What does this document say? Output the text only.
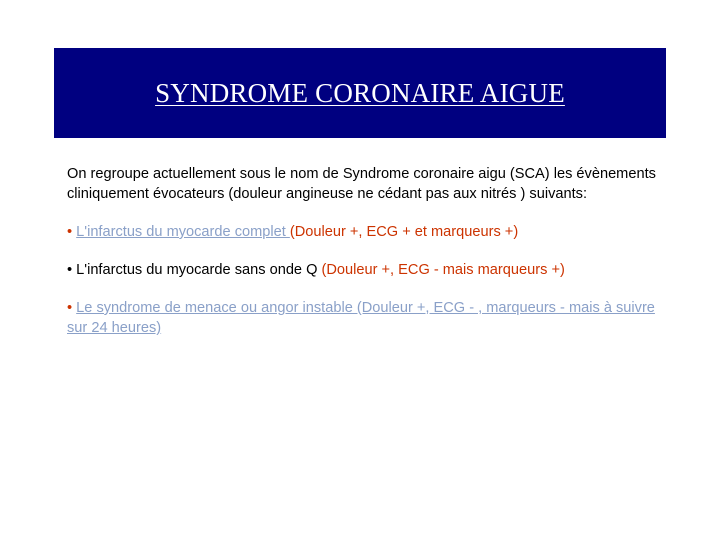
SYNDROME CORONAIRE AIGUE

On regroupe actuellement sous le nom de Syndrome coronaire aigu (SCA) les évènements cliniquement évocateurs (douleur angineuse ne cédant pas aux nitrés ) suivants:

• L'infarctus du myocarde complet (Douleur +, ECG + et marqueurs +)

• L'infarctus du myocarde sans onde Q (Douleur +, ECG - mais marqueurs +)

• Le syndrome de menace ou angor instable (Douleur +, ECG - , marqueurs - mais à suivre sur 24 heures)
